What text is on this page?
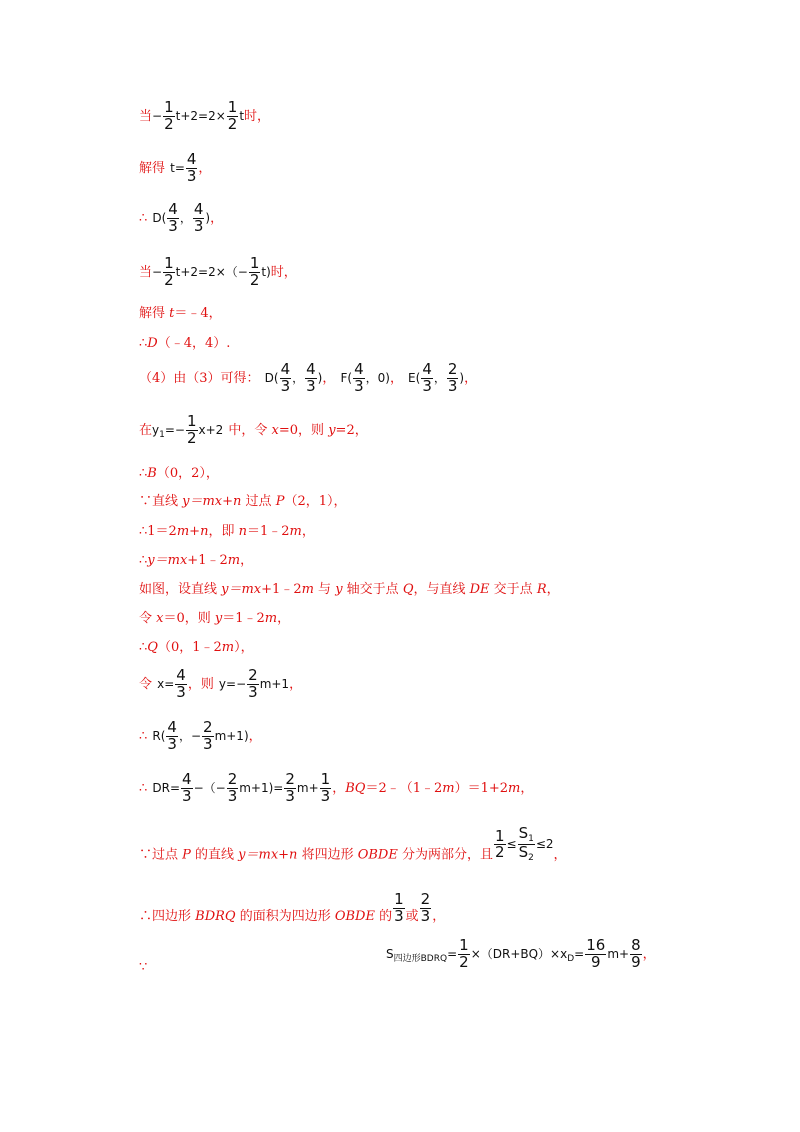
当− $\frac{1}{2} t+2=2\times \frac{1}{2}$ t时，
解得 $t= \frac{4}{3}$ ，
∴ $D( \frac{4}{3}$ ， $\frac{4}{3}$ )，
当− $\frac{1}{2} t+2=2\times(- \frac{1}{2} t)$时，
解得 t＝﹣4，
∴D（﹣4，4）.
（4）由（3）可得： $D( \frac{4}{3}$ ， $\frac{4}{3}$ )， $F( \frac{4}{3}$ ，0)， $E( \frac{4}{3}$ ， $\frac{2}{3}$ )，
在$y_1=- \frac{1}{2} x+2$ 中，令 x=0，则 y=2，
∴B（0，2），
∵直线 y＝mx+n 过点 P（2，1），
∴1＝2m+n，即 n＝1﹣2m，
∴y＝mx+1﹣2m，
如图，设直线 y＝mx+1﹣2m 与 y 轴交于点 Q，与直线 DE 交于点 R，
令 x＝0，则 y＝1﹣2m，
∴Q（0，1﹣2m），
令 $x= \frac{4}{3}$ ，则 $y=- \frac{2}{3} m+1$，
∴ $R( \frac{4}{3}$ ，− $\frac{2}{3} m+1$)，
∴ $DR= \frac{4}{3}$ −（− $\frac{2}{3} m+1)= \frac{2}{3} m+ \frac{1}{3}$ ，BQ＝2﹣（1﹣2m）＝1+2m，
∵过点 P 的直线 y＝mx+n 将四边形 OBDE 分为两部分，且 $^{\frac{1}{2} \le \frac{S_1}{S_2} \le 2}$，
∴四边形 BDRQ 的面积为四边形 OBDE 的 $^{\frac{1}{3}}$ 或 $^{\frac{2}{3}}$ ，
$_\because$
$S_{四边形BDRQ}= \frac{1}{2} \times(DR+BQ)\times x_D= \frac{16}{9} m+ \frac{8}{9}$ ，
